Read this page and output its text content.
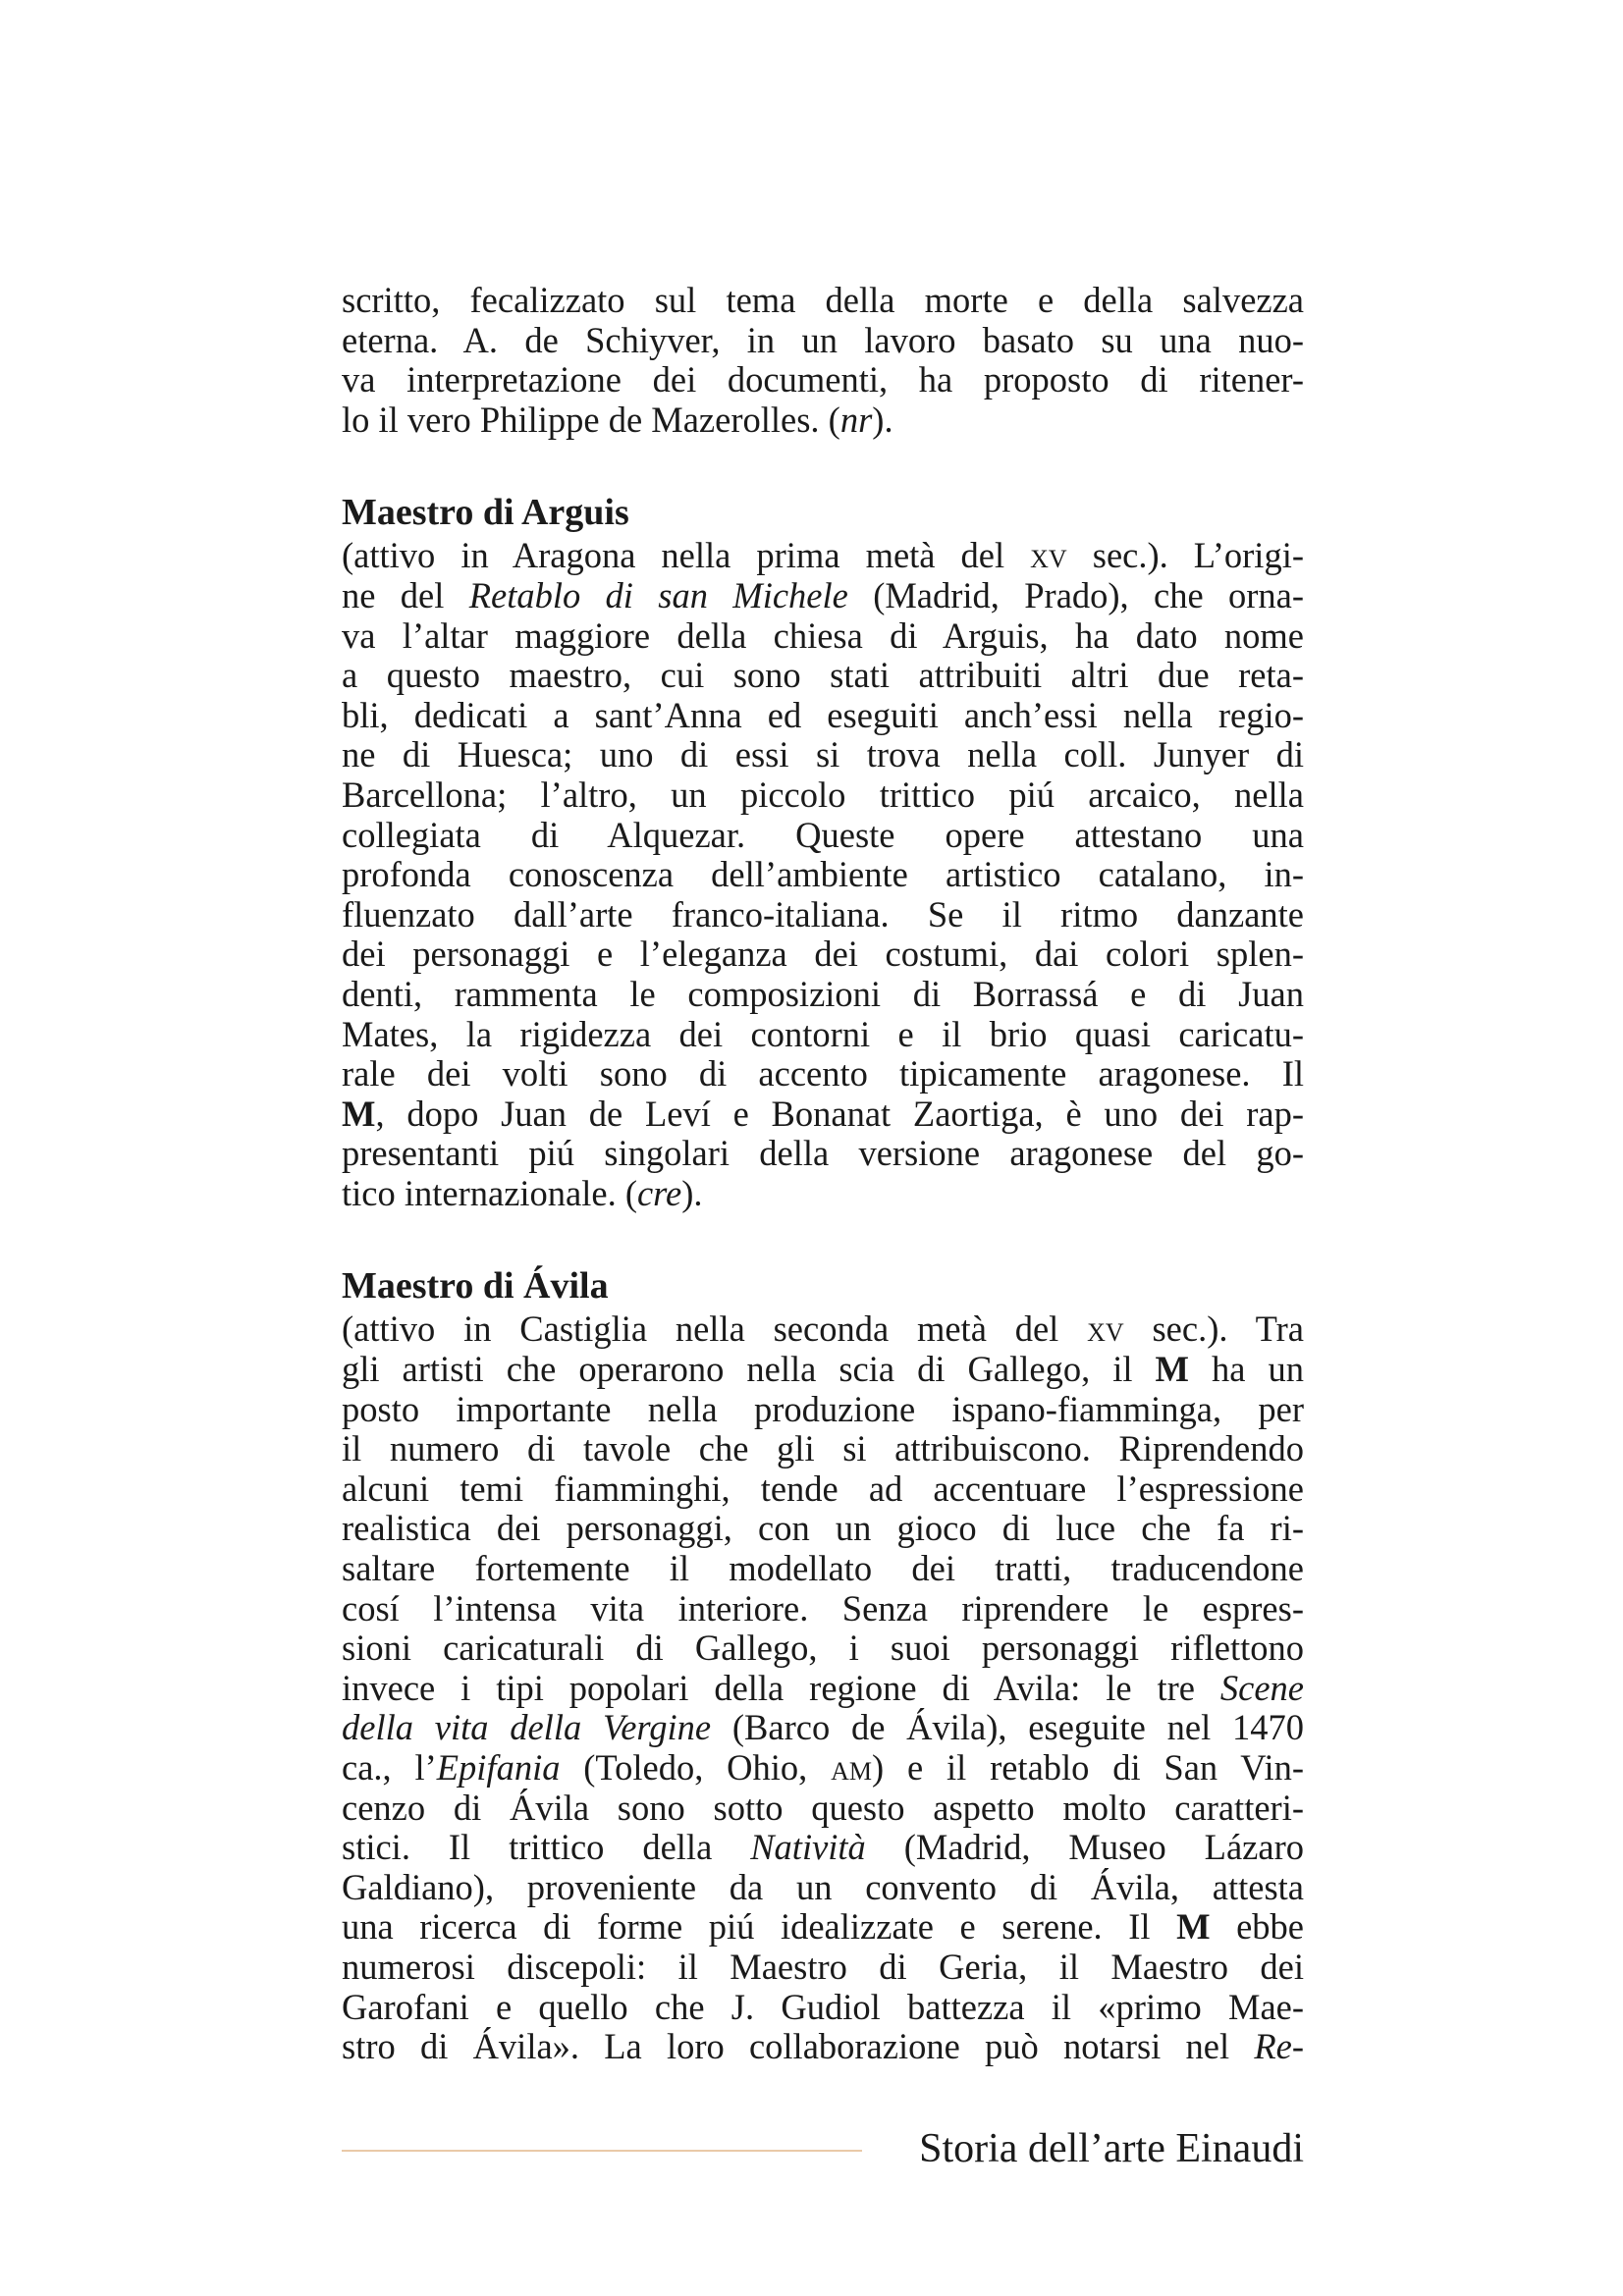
scritto, fecalizzato sul tema della morte e della salvezza
eterna. A. de Schiyver, in un lavoro basato su una nuo-
va interpretazione dei documenti, ha proposto di ritener-
lo il vero Philippe de Mazerolles. (nr).
Maestro di Arguis
(attivo in Aragona nella prima metà del xv sec.). L’origi-
ne del Retablo di san Michele (Madrid, Prado), che orna-
va l’altar maggiore della chiesa di Arguis, ha dato nome
a questo maestro, cui sono stati attribuiti altri due reta-
bli, dedicati a sant’Anna ed eseguiti anch’essi nella regio-
ne di Huesca; uno di essi si trova nella coll. Junyer di
Barcellona; l’altro, un piccolo trittico piú arcaico, nella
collegiata di Alquezar. Queste opere attestano una
profonda conoscenza dell’ambiente artistico catalano, in-
fluenzato dall’arte franco-italiana. Se il ritmo danzante
dei personaggi e l’eleganza dei costumi, dai colori splen-
denti, rammenta le composizioni di Borrassá e di Juan
Mates, la rigidezza dei contorni e il brio quasi caricatu-
rale dei volti sono di accento tipicamente aragonese. Il
M, dopo Juan de Leví e Bonanat Zaortiga, è uno dei rap-
presentanti piú singolari della versione aragonese del go-
tico internazionale. (cre).
Maestro di Ávila
(attivo in Castiglia nella seconda metà del xv sec.). Tra
gli artisti che operarono nella scia di Gallego, il M ha un
posto importante nella produzione ispano-fiamminga, per
il numero di tavole che gli si attribuiscono. Riprendendo
alcuni temi fiamminghi, tende ad accentuare l’espressione
realistica dei personaggi, con un gioco di luce che fa ri-
saltare fortemente il modellato dei tratti, traducendone
cosí l’intensa vita interiore. Senza riprendere le espres-
sioni caricaturali di Gallego, i suoi personaggi riflettono
invece i tipi popolari della regione di Avila: le tre Scene
della vita della Vergine (Barco de Ávila), eseguite nel 1470
ca., l’Epifania (Toledo, Ohio, am) e il retablo di San Vin-
cenzo di Ávila sono sotto questo aspetto molto caratteri-
stici. Il trittico della Natività (Madrid, Museo Lázaro
Galdiano), proveniente da un convento di Ávila, attesta
una ricerca di forme piú idealizzate e serene. Il M ebbe
numerosi discepoli: il Maestro di Geria, il Maestro dei
Garofani e quello che J. Gudiol battezza il «primo Mae-
stro di Ávila». La loro collaborazione può notarsi nel Re-
Storia dell’arte Einaudi
